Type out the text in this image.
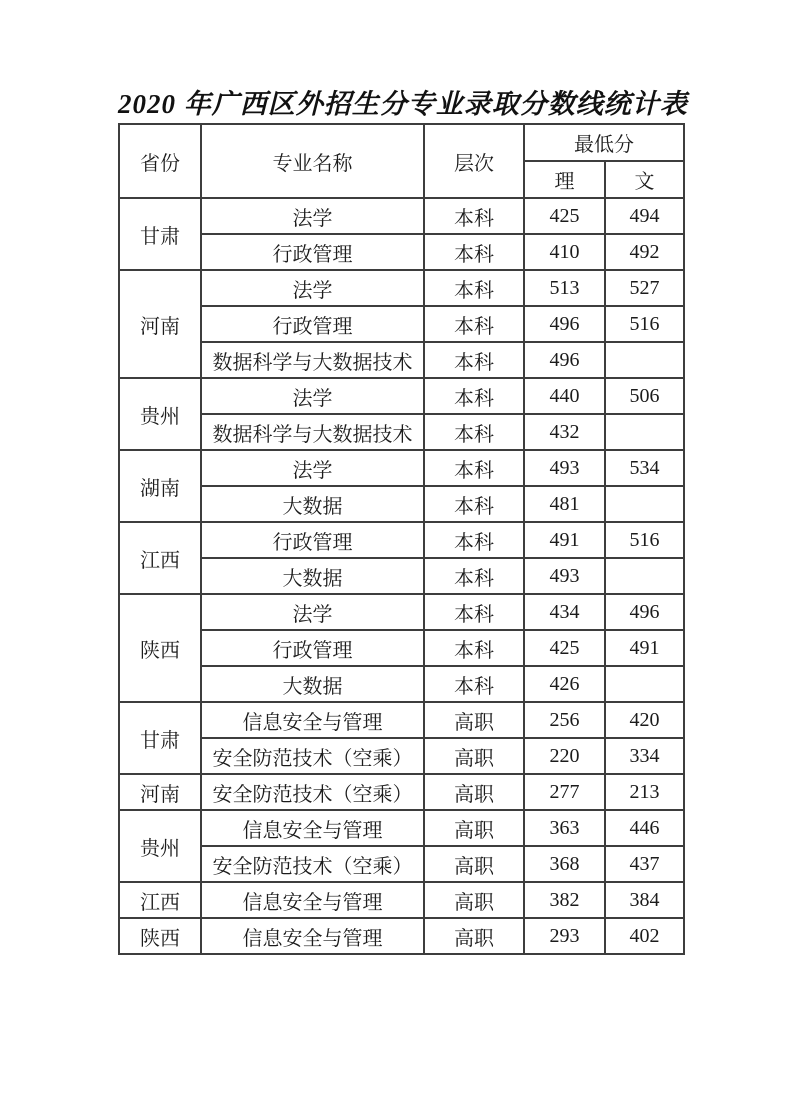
2020 年广西区外招生分专业录取分数线统计表
省份	专业名称	层次	最低分	
			理	文
甘肃	法学	本科	425	494
	行政管理	本科	410	492
河南	法学	本科	513	527
	行政管理	本科	496	516
	数据科学与大数据技术	本科	496	
贵州	法学	本科	440	506
	数据科学与大数据技术	本科	432	
湖南	法学	本科	493	534
	大数据	本科	481	
江西	行政管理	本科	491	516
	大数据	本科	493	
陕西	法学	本科	434	496
	行政管理	本科	425	491
	大数据	本科	426	
甘肃	信息安全与管理	高职	256	420
	安全防范技术（空乘）	高职	220	334
河南	安全防范技术（空乘）	高职	277	213
贵州	信息安全与管理	高职	363	446
	安全防范技术（空乘）	高职	368	437
江西	信息安全与管理	高职	382	384
陕西	信息安全与管理	高职	293	402
